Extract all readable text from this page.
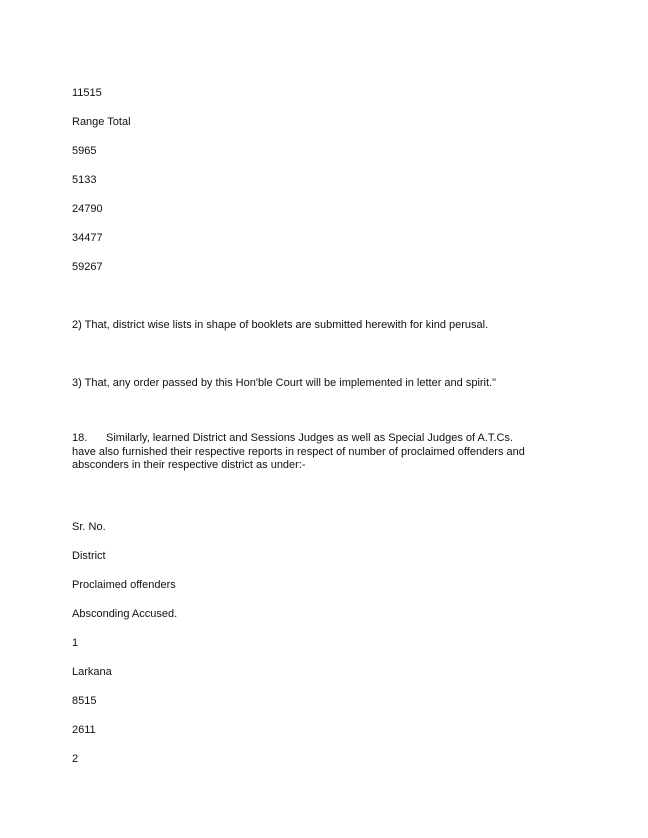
11515
Range Total
5965
5133
24790
34477
59267
2) That, district wise lists in shape of booklets are submitted herewith for kind perusal.
3) That, any order passed by this Hon'ble Court will be implemented in letter and spirit."
18. Similarly, learned District and Sessions Judges as well as Special Judges of A.T.Cs. have also furnished their respective reports in respect of number of proclaimed offenders and absconders in their respective district as under:-
Sr. No.
District
Proclaimed offenders
Absconding Accused.
1
Larkana
8515
2611
2
